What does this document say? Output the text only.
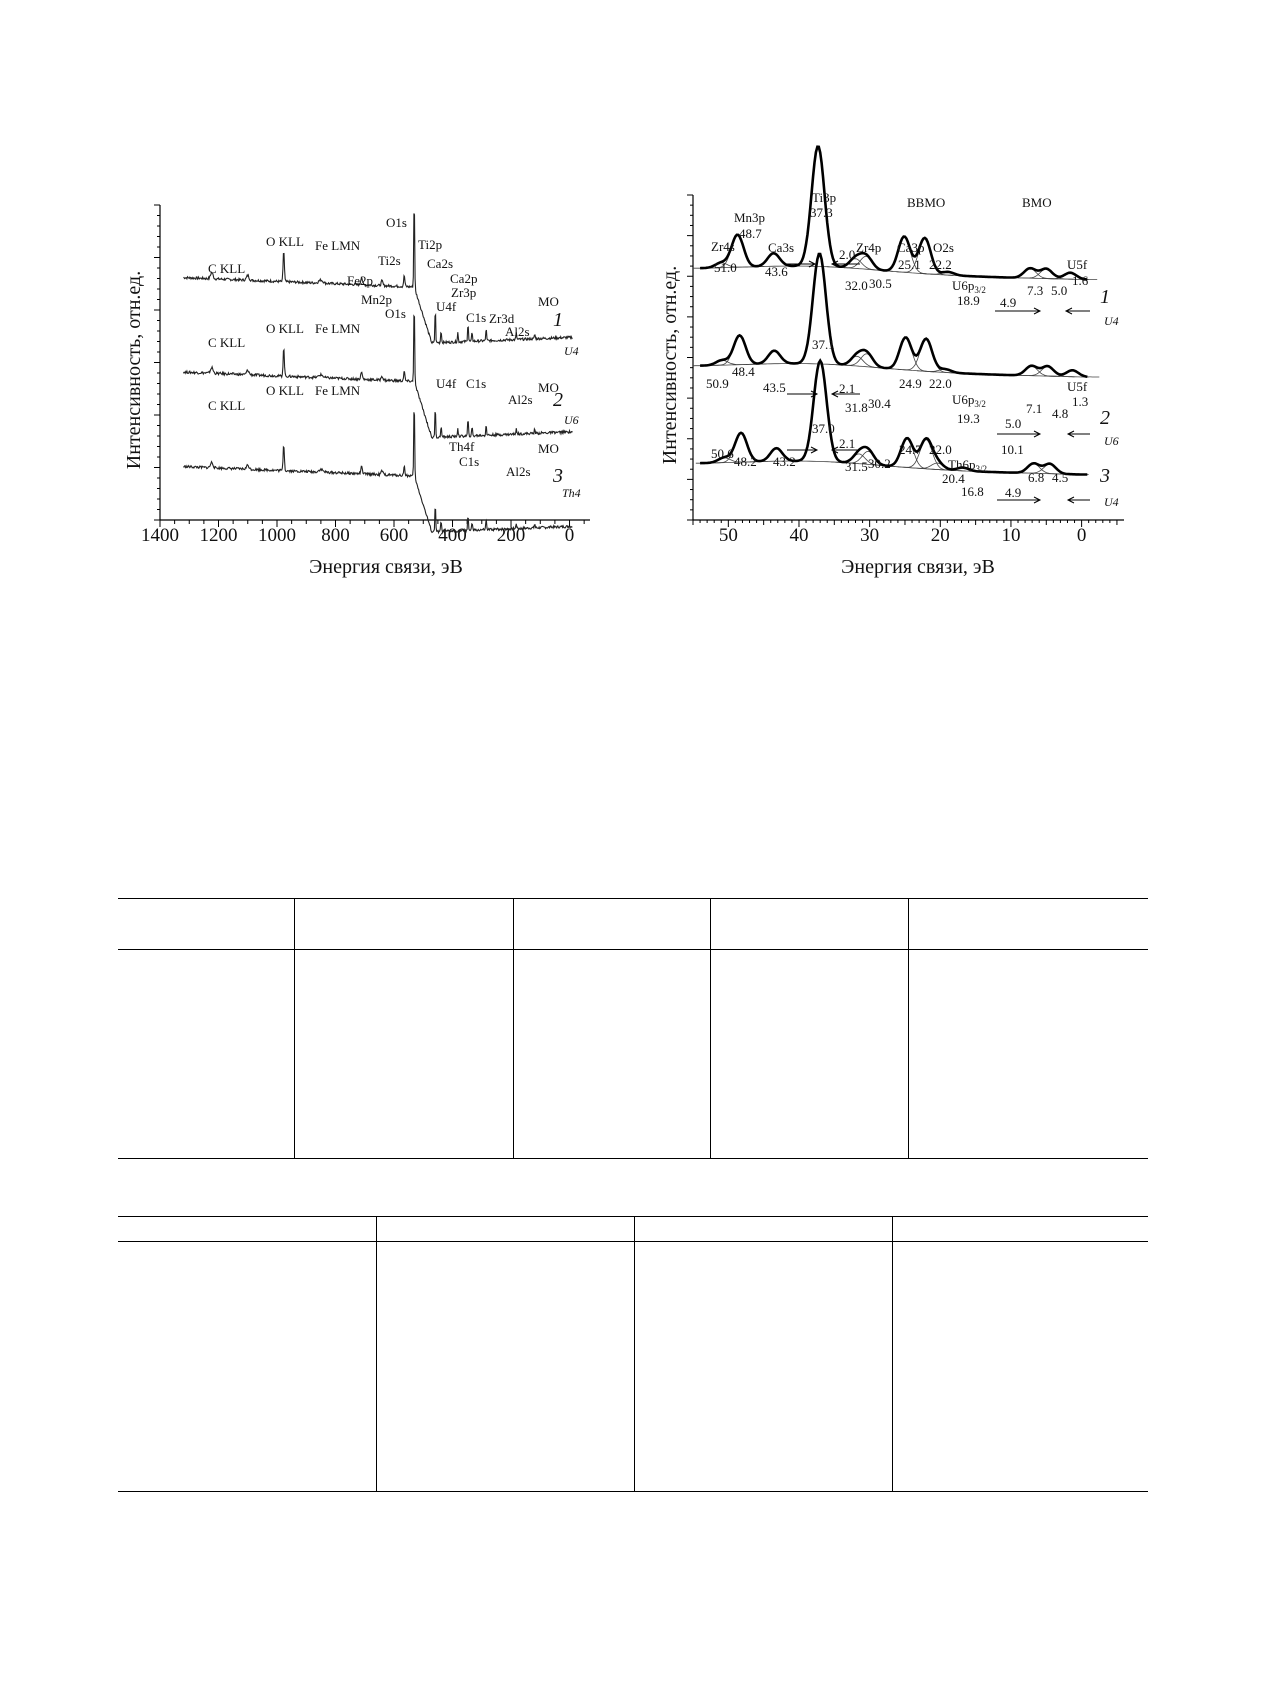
1400 1200 1000 800 600 400 200 0
Интенсивность, отн.ед.
Энергия связи, эВ
C KLL
O KLL Fe LMN
Fe2p
Mn2p
Ti2s
O1s
O1s
Ti2p
Ca2s
Ca2p
Zr3p
U4f
C1s Zr3d
Al2s
MO
1
U4
C KLL
O KLL Fe LMN
U4f C1s
Al2s
MO
2
U6
C KLL
O KLL Fe LMN
Th4f
C1s
Al2s
MO
3
Th4
50	40	30	20	10	0
Интенсивность, отн.ед.
Энергия связи, эВ
ВВМО	ВМО
Zr4s
Mn3p
48.7
51.0
Ca3s
43.6
Ti3p
37.3
2.0 Zr4p
32.0 30.5
Ca3p O2s
25.1 22.2
$U6p_{3/2}$
18.9 4.9
7.3 5.0
U5f
1.6
1
U4
37.1
48.4
50.9	43.5	2.1
31.8 30.4
24.9 22.0
$U6p_{3/2}$
19.3 5.0
10.1
7.1 4.8
U5f
1.3
2
U6
37.0
48.2
50.6
43.2
2.1
31.5 30.2
24.7 22.0
$Th6p_{3/2}$
20.4
16.8 4.9
6.8 4.5 3
U4
